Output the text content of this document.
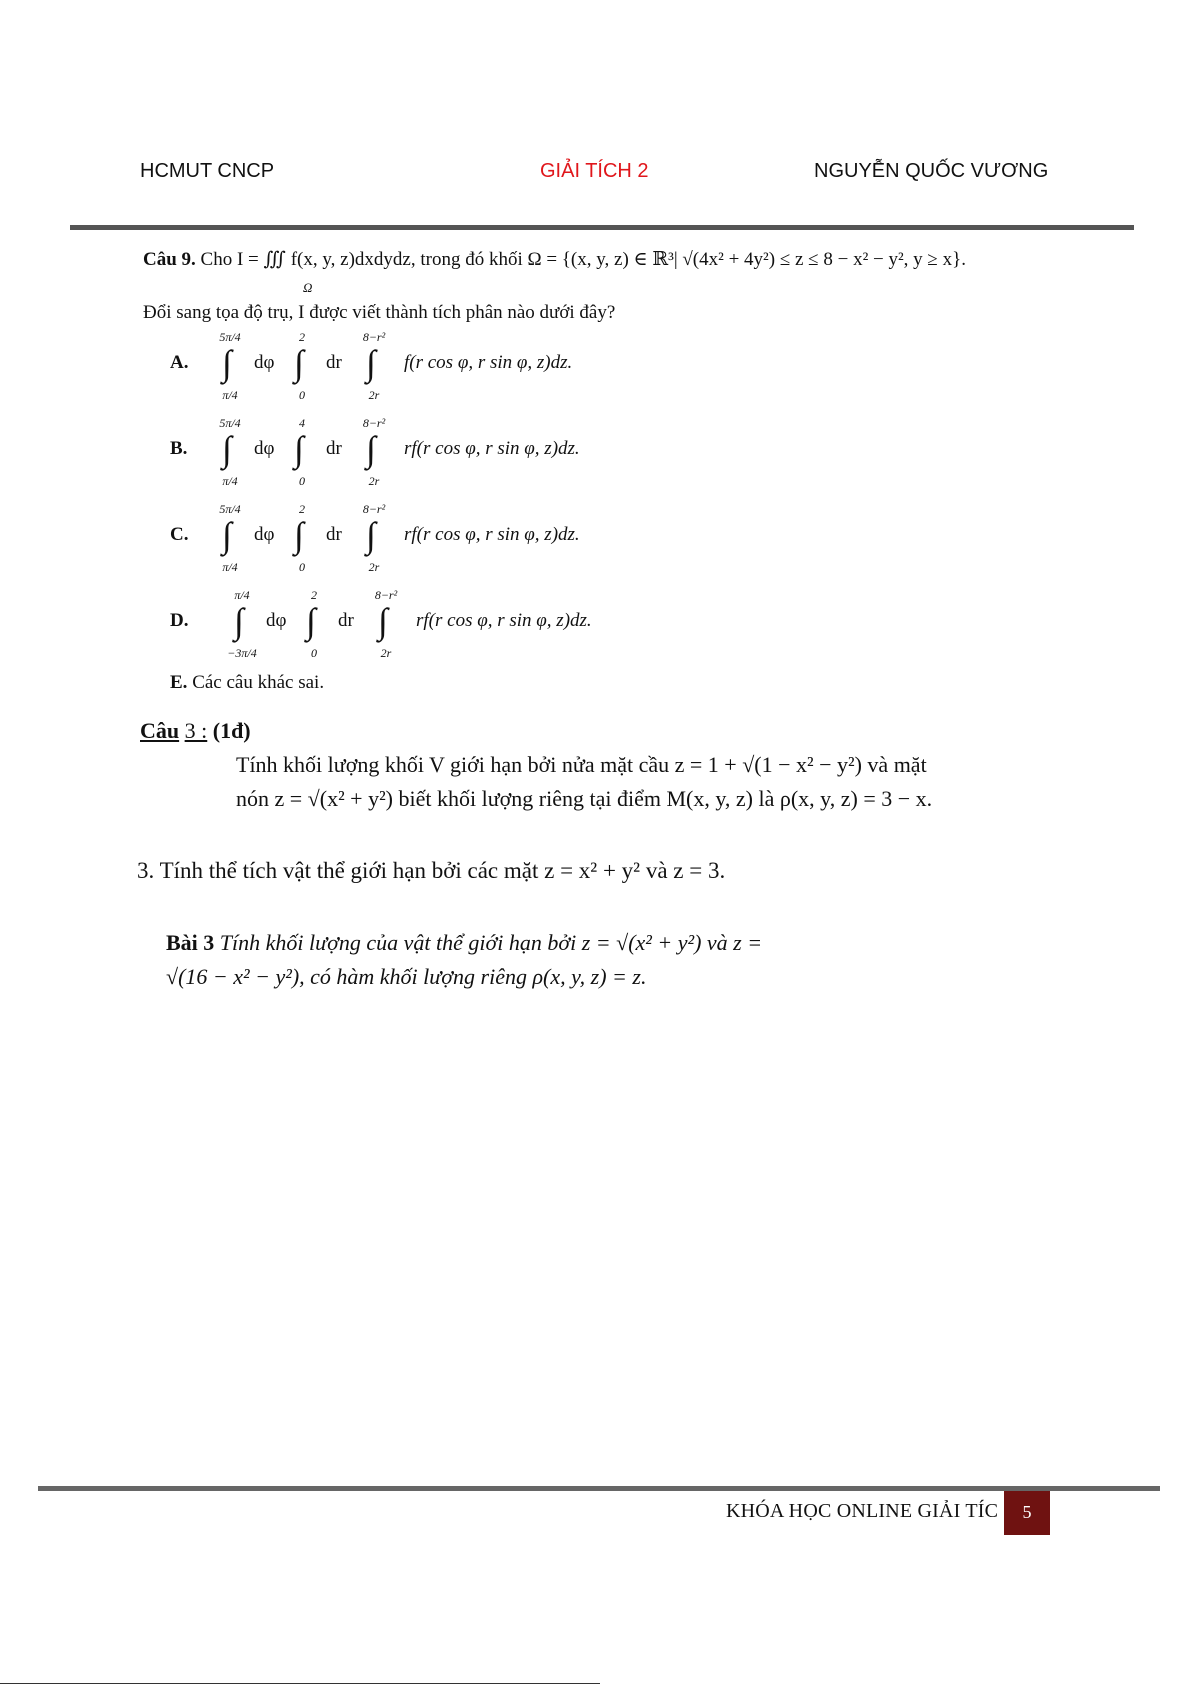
HCMUT CNCP	GIẢI TÍCH 2	NGUYỄN QUỐC VƯƠNG
Câu 9. Cho I = ∭ f(x, y, z)dxdydz, trong đó khối Ω = {(x, y, z) ∈ ℝ³| √(4x² + 4y²) ≤ z ≤ 8 − x² − y², y ≥ x}.
Ω
Đổi sang tọa độ trụ, I được viết thành tích phân nào dưới đây?
A.
5π/4
∫
π/4
dφ
2
∫
0
dr
8−r²
∫
2r
f(r cos φ, r sin φ, z)dz.
B.
5π/4
∫
π/4
dφ
4
∫
0
dr
8−r²
∫
2r
rf(r cos φ, r sin φ, z)dz.
C.
5π/4
∫
π/4
dφ
2
∫
0
dr
8−r²
∫
2r
rf(r cos φ, r sin φ, z)dz.
D.
π/4
∫
−3π/4
dφ
2
∫
0
dr
8−r²
∫
2r
rf(r cos φ, r sin φ, z)dz.
E. Các câu khác sai.
Câu 3 : (1đ)
Tính khối lượng khối V giới hạn bởi nửa mặt cầu z = 1 + √(1 − x² − y²) và mặt
nón z = √(x² + y²) biết khối lượng riêng tại điểm M(x, y, z) là ρ(x, y, z) = 3 − x.
3. Tính thể tích vật thể giới hạn bởi các mặt z = x² + y² và z = 3.
Bài 3 Tính khối lượng của vật thể giới hạn bởi z = √(x² + y²) và z =
√(16 − x² − y²), có hàm khối lượng riêng ρ(x, y, z) = z.
KHÓA HỌC ONLINE GIẢI TÍC	5
